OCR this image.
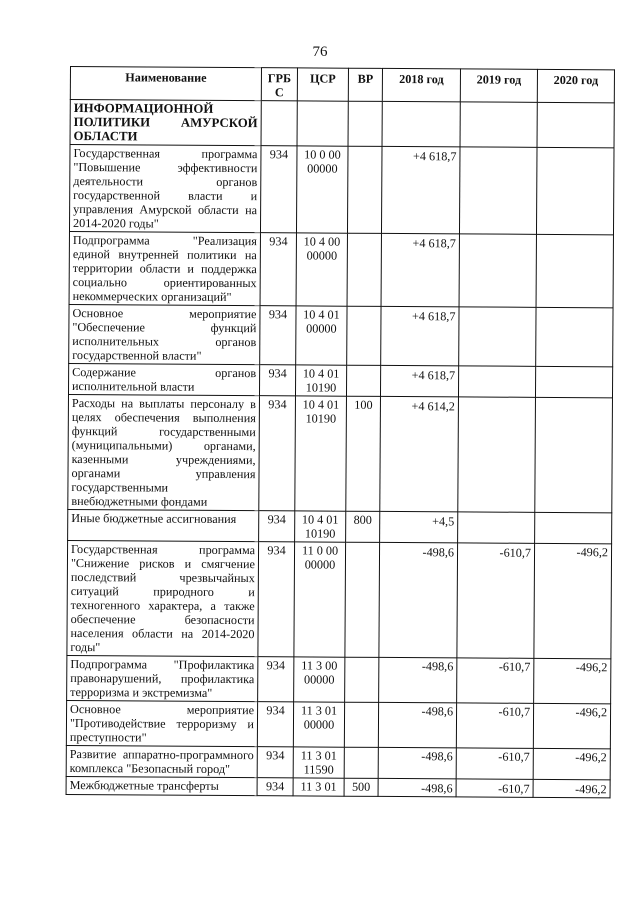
76
Наименование	ГРБ С	ЦСР	ВР	2018 год	2019 год	2020 год
ИНФОРМАЦИОННОЙ ПОЛИТИКИ АМУРСКОЙ ОБЛАСТИ						
Государственная программа "Повышение эффективности деятельности органов государственной власти и управления Амурской области на 2014-2020 годы"	934	10 0 00 00000		+4 618,7		
Подпрограмма "Реализация единой внутренней политики на территории области и поддержка социально ориентированных некоммерческих организаций"	934	10 4 00 00000		+4 618,7		
Основное мероприятие "Обеспечение функций исполнительных органов государственной власти"	934	10 4 01 00000		+4 618,7		
Содержание органов исполнительной власти	934	10 4 01 10190		+4 618,7		
Расходы на выплаты персоналу в целях обеспечения выполнения функций государственными (муниципальными) органами, казенными учреждениями, органами управления государственными внебюджетными фондами	934	10 4 01 10190	100	+4 614,2		
Иные бюджетные ассигнования	934	10 4 01 10190	800	+4,5		
Государственная программа "Снижение рисков и смягчение последствий чрезвычайных ситуаций природного и техногенного характера, а также обеспечение безопасности населения области на 2014-2020 годы"	934	11 0 00 00000		-498,6	-610,7	-496,2
Подпрограмма "Профилактика правонарушений, профилактика терроризма и экстремизма"	934	11 3 00 00000		-498,6	-610,7	-496,2
Основное мероприятие "Противодействие терроризму и преступности"	934	11 3 01 00000		-498,6	-610,7	-496,2
Развитие аппаратно-программного комплекса "Безопасный город"	934	11 3 01 11590		-498,6	-610,7	-496,2
Межбюджетные трансферты	934	11 3 01	500	-498,6	-610,7	-496,2
